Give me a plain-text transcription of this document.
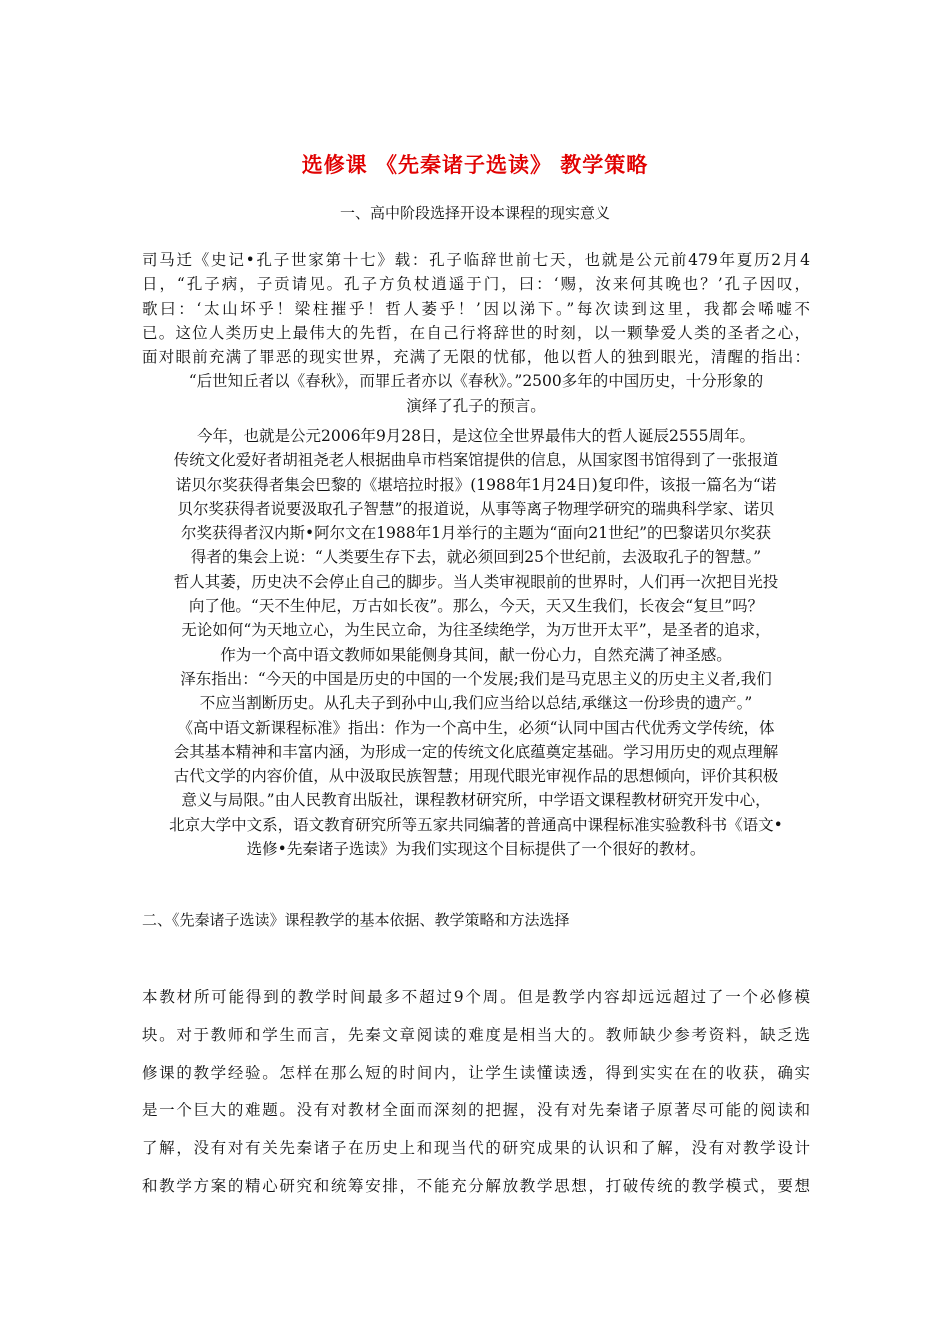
选修课 《先秦诸子选读》 教学策略
一、高中阶段选择开设本课程的现实意义
司马迁《史记•孔子世家第十七》载：孔子临辞世前七天，也就是公元前479年夏历2月4
日，“孔子病，子贡请见。孔子方负杖逍遥于门，曰：‘赐，汝来何其晚也？’孔子因叹，
歌曰：‘太山坏乎！梁柱摧乎！哲人萎乎！’因以涕下。”每次读到这里，我都会唏嘘不
已。这位人类历史上最伟大的先哲，在自己行将辞世的时刻，以一颗挚爱人类的圣者之心，
面对眼前充满了罪恶的现实世界，充满了无限的忧郁，他以哲人的独到眼光，清醒的指出：
“后世知丘者以《春秋》，而罪丘者亦以《春秋》。”2500多年的中国历史，十分形象的
演绎了孔子的预言。
今年，也就是公元2006年9月28日，是这位全世界最伟大的哲人诞辰2555周年。
传统文化爱好者胡祖尧老人根据曲阜市档案馆提供的信息，从国家图书馆得到了一张报道
诺贝尔奖获得者集会巴黎的《堪培拉时报》(1988年1月24日)复印件，该报一篇名为“诺
贝尔奖获得者说要汲取孔子智慧”的报道说，从事等离子物理学研究的瑞典科学家、诺贝
尔奖获得者汉内斯•阿尔文在1988年1月举行的主题为“面向21世纪”的巴黎诺贝尔奖获
得者的集会上说：“人类要生存下去，就必须回到25个世纪前，去汲取孔子的智慧。”
哲人其萎，历史决不会停止自己的脚步。当人类审视眼前的世界时，人们再一次把目光投
向了他。“天不生仲尼，万古如长夜”。那么，今天，天又生我们，长夜会“复旦”吗？
无论如何“为天地立心，为生民立命，为往圣续绝学，为万世开太平”，是圣者的追求，
作为一个高中语文教师如果能侧身其间，献一份心力，自然充满了神圣感。
泽东指出：“今天的中国是历史的中国的一个发展;我们是马克思主义的历史主义者,我们
不应当割断历史。从孔夫子到孙中山,我们应当给以总结,承继这一份珍贵的遗产。”
《高中语文新课程标准》指出：作为一个高中生，必须“认同中国古代优秀文学传统，体
会其基本精神和丰富内涵，为形成一定的传统文化底蕴奠定基础。学习用历史的观点理解
古代文学的内容价值，从中汲取民族智慧；用现代眼光审视作品的思想倾向，评价其积极
意义与局限。”由人民教育出版社，课程教材研究所，中学语文课程教材研究开发中心，
北京大学中文系，语文教育研究所等五家共同编著的普通高中课程标准实验教科书《语文•
选修•先秦诸子选读》为我们实现这个目标提供了一个很好的教材。
二、《先秦诸子选读》课程教学的基本依据、教学策略和方法选择
本教材所可能得到的教学时间最多不超过9个周。但是教学内容却远远超过了一个必修模
块。对于教师和学生而言，先秦文章阅读的难度是相当大的。教师缺少参考资料，缺乏选
修课的教学经验。怎样在那么短的时间内，让学生读懂读透，得到实实在在的收获，确实
是一个巨大的难题。没有对教材全面而深刻的把握，没有对先秦诸子原著尽可能的阅读和
了解，没有对有关先秦诸子在历史上和现当代的研究成果的认识和了解，没有对教学设计
和教学方案的精心研究和统筹安排，不能充分解放教学思想，打破传统的教学模式，要想
